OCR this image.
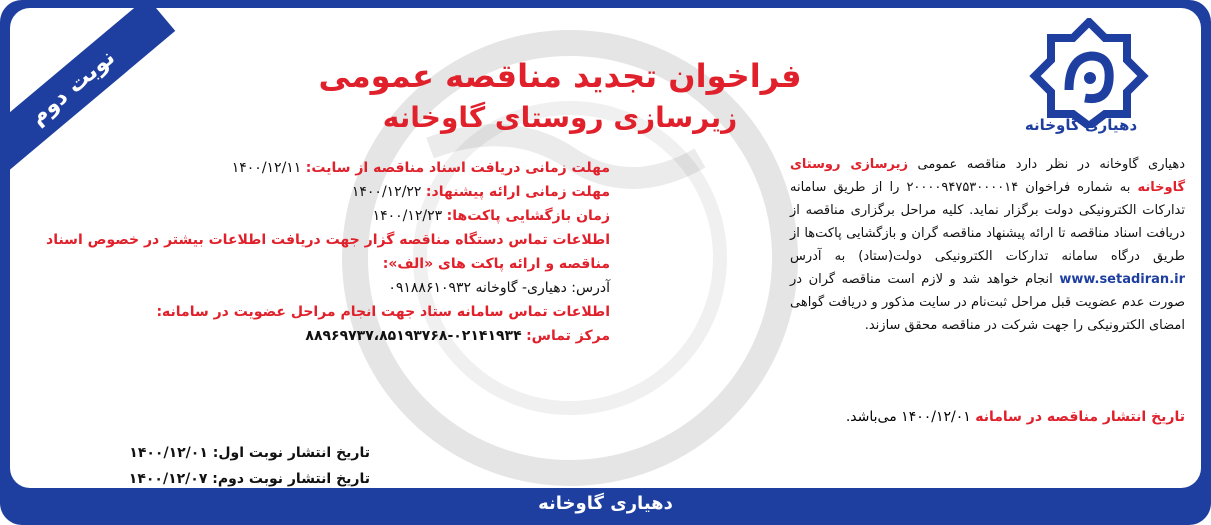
نوبت دوم	فراخوان تجدید مناقصه عمومی
زیرسازی روستای گاوخانه	دهیاری گاوخانه
دهیاری گاوخانه در نظر دارد مناقصه عمومی زیرسازی روستای گاوخانه به شماره فراخوان ۲۰۰۰۰۹۴۷۵۳۰۰۰۰۱۴ را از طریق سامانه تدارکات الکترونیکی دولت برگزار نماید. کلیه مراحل برگزاری مناقصه از دریافت اسناد مناقصه تا ارائه پیشنهاد مناقصه گران و بازگشایی پاکت‌ها از طریق درگاه سامانه تدارکات الکترونیکی دولت(ستاد) به آدرس www.setadiran.ir انجام خواهد شد و لازم است مناقصه گران در صورت عدم عضویت قبل مراحل ثبت‌نام در سایت مذکور و دریافت گواهی امضای الکترونیکی را جهت شرکت در مناقصه محقق سازند.
تاریخ انتشار مناقصه در سامانه ۱۴۰۰/۱۲/۰۱ می‌باشد.
مهلت زمانی دریافت اسناد مناقصه از سایت: ۱۴۰۰/۱۲/۱۱
مهلت زمانی ارائه پیشنهاد: ۱۴۰۰/۱۲/۲۲
زمان بازگشایی پاکت‌ها: ۱۴۰۰/۱۲/۲۳
اطلاعات تماس دستگاه مناقصه گزار جهت دریافت اطلاعات بیشتر در خصوص اسناد مناقصه و ارائه پاکت های «الف»:
آدرس: دهیاری- گاوخانه ۰۹۱۸۸۶۱۰۹۳۲
اطلاعات تماس سامانه ستاد جهت انجام مراحل عضویت در سامانه:
مرکز تماس: ۰۲۱۴۱۹۳۴-۸۸۹۶۹۷۳۷،۸۵۱۹۳۷۶۸
تاریخ انتشار نوبت اول: ۱۴۰۰/۱۲/۰۱
تاریخ انتشار نوبت دوم: ۱۴۰۰/۱۲/۰۷
دهیاری گاوخانه
